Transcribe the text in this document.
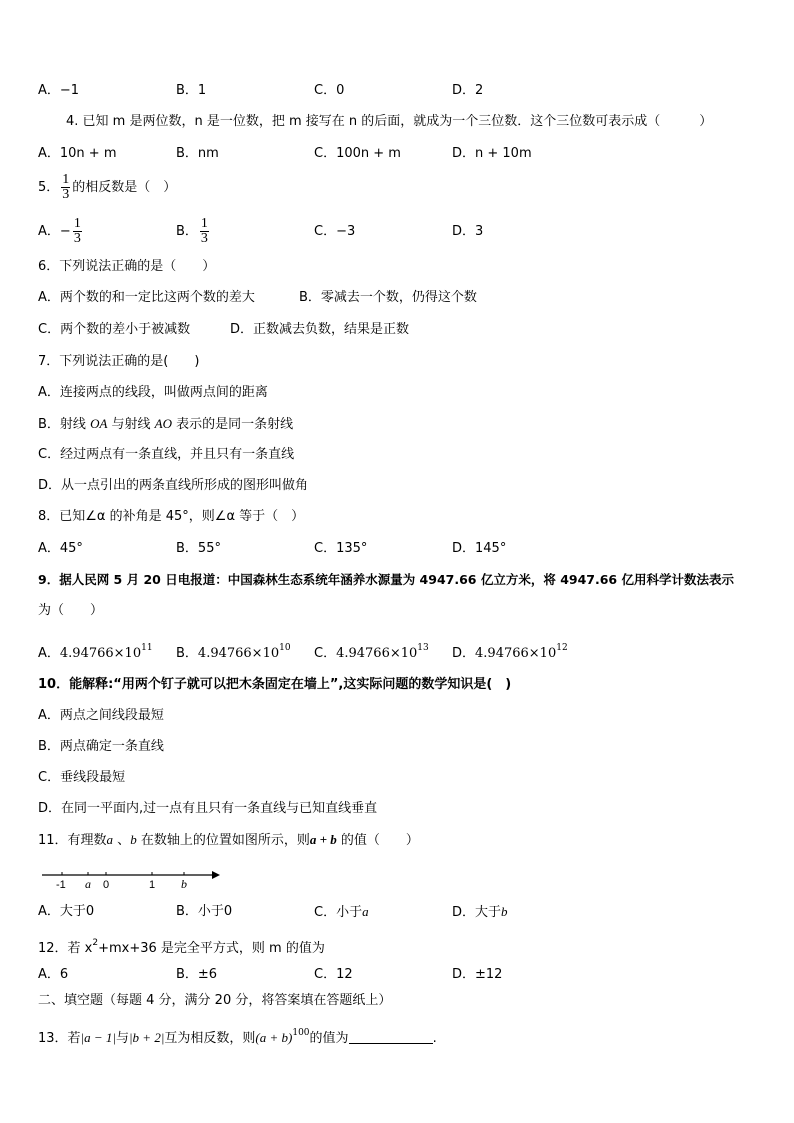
A．−1	B．1	C．0	D．2
4. 已知 m 是两位数，n 是一位数，把 m 接写在 n 的后面，就成为一个三位数．这个三位数可表示成（　　　）
A．10n + m	B．nm	C．100n + m	D．n + 10m
5． $\frac{1}{3}$ 的相反数是（　）
A．− $\frac{1}{3}$	B． $\frac{1}{3}$	C．−3	D．3
6．下列说法正确的是（　　）
A．两个数的和一定比这两个数的差大	B．零减去一个数，仍得这个数
C．两个数的差小于被减数	D．正数减去负数，结果是正数
7．下列说法正确的是(　　)
A．连接两点的线段，叫做两点间的距离
B．射线 OA 与射线 AO 表示的是同一条射线
C．经过两点有一条直线，并且只有一条直线
D．从一点引出的两条直线所形成的图形叫做角
8．已知∠α 的补角是 45°，则∠α 等于（　）
A．45°	B．55°	C．135°	D．145°
9．据人民网 5 月 20 日电报道：中国森林生态系统年涵养水源量为 4947.66 亿立方米，将 4947.66 亿用科学计数法表示
为（　　）
A．$4.94766\times 10^{11}$ B．$4.94766\times 10^{10}$ C．$4.94766\times 10^{13}$ D．$4.94766\times 10^{12}$
10．能解释:“用两个钉子就可以把木条固定在墙上”,这实际问题的数学知识是(　)
A．两点之间线段最短
B．两点确定一条直线
C．垂线段最短
D．在同一平面内,过一点有且只有一条直线与已知直线垂直
11．有理数a 、b 在数轴上的位置如图所示，则a + b 的值（　　）
-1 a 0	1 b
A．大于0	B．小于0	C．小于a	D．大于b
12．若 $x^2+mx+36$ 是完全平方式，则 m 的值为
A．6	B．±6	C．12	D．±12
二、填空题（每题 4 分，满分 20 分，将答案填在答题纸上）
13．若|a − 1|与|b + 2|互为相反数，则$(a + b)^{100}$的值为	.
